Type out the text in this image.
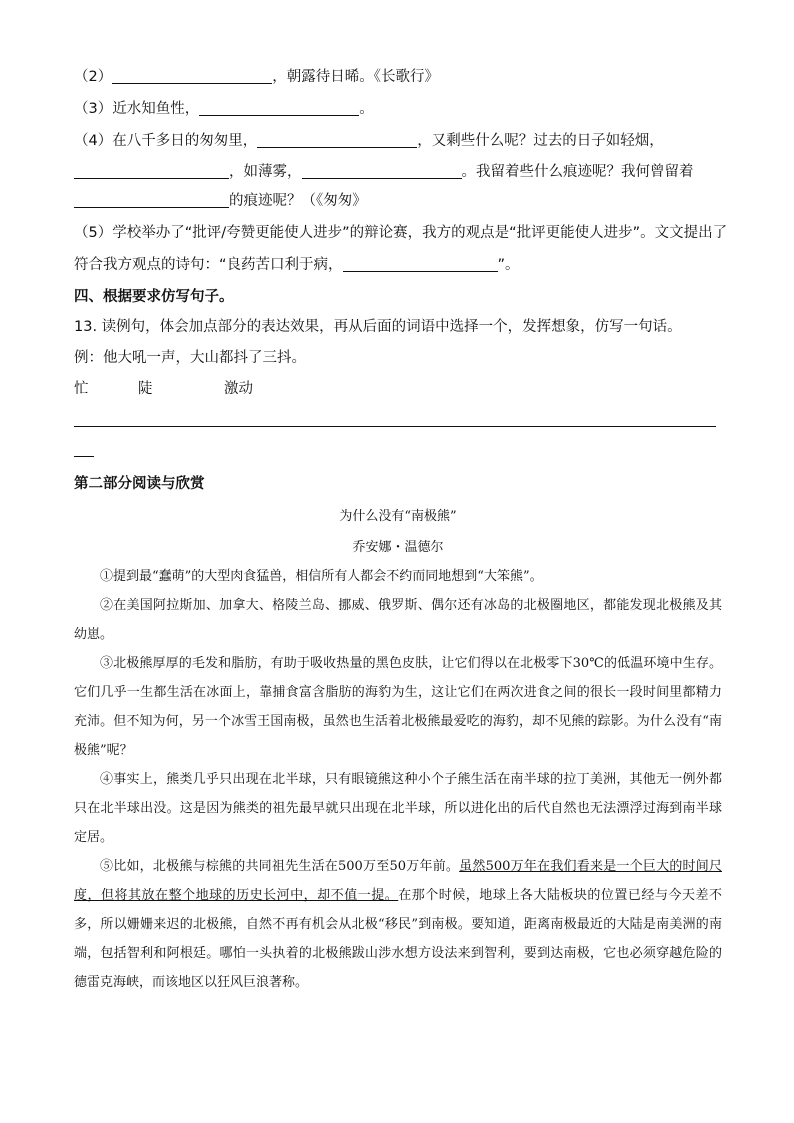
（2）	，朝露待日晞。《长歌行》
（3）近水知鱼性，	。
（4）在八千多日的匆匆里，	，又剩些什么呢？过去的日子如轻烟，
，如薄雾，	。我留着些什么痕迹呢？我何曾留着
的痕迹呢？（《匆匆》
（5）学校举办了“批评/夸赞更能使人进步”的辩论赛，我方的观点是“批评更能使人进步”。文文提出了
符合我方观点的诗句：“良药苦口利于病，	”。
四、根据要求仿写句子。
13. 读例句，体会加点部分的表达效果，再从后面的词语中选择一个，发挥想象，仿写一句话。
例：他大吼一声，大山都抖了三抖。
忙	陡	激动
第二部分阅读与欣赏
为什么没有“南极熊”
乔安娜・温德尔

①提到最“蠢萌”的大型肉食猛兽，相信所有人都会不约而同地想到“大笨熊”。

②在美国阿拉斯加、加拿大、格陵兰岛、挪威、俄罗斯、偶尔还有冰岛的北极圈地区，都能发现北极熊及其幼崽。

③北极熊厚厚的毛发和脂肪，有助于吸收热量的黑色皮肤，让它们得以在北极零下30℃的低温环境中生存。它们几乎一生都生活在冰面上，靠捕食富含脂肪的海豹为生，这让它们在两次进食之间的很长一段时间里都精力充沛。但不知为何，另一个冰雪王国南极，虽然也生活着北极熊最爱吃的海豹，却不见熊的踪影。为什么没有“南极熊”呢？

④事实上，熊类几乎只出现在北半球，只有眼镜熊这种小个子熊生活在南半球的拉丁美洲，其他无一例外都只在北半球出没。这是因为熊类的祖先最早就只出现在北半球，所以进化出的后代自然也无法漂浮过海到南半球定居。

⑤比如，北极熊与棕熊的共同祖先生活在500万至50万年前。虽然500万年在我们看来是一个巨大的时间尺度，但将其放在整个地球的历史长河中，却不值一提。在那个时候，地球上各大陆板块的位置已经与今天差不多，所以姗姗来迟的北极熊，自然不再有机会从北极“移民”到南极。要知道，距离南极最近的大陆是南美洲的南端，包括智利和阿根廷。哪怕一头执着的北极熊跋山涉水想方设法来到智利，要到达南极，它也必须穿越危险的德雷克海峡，而该地区以狂风巨浪著称。
